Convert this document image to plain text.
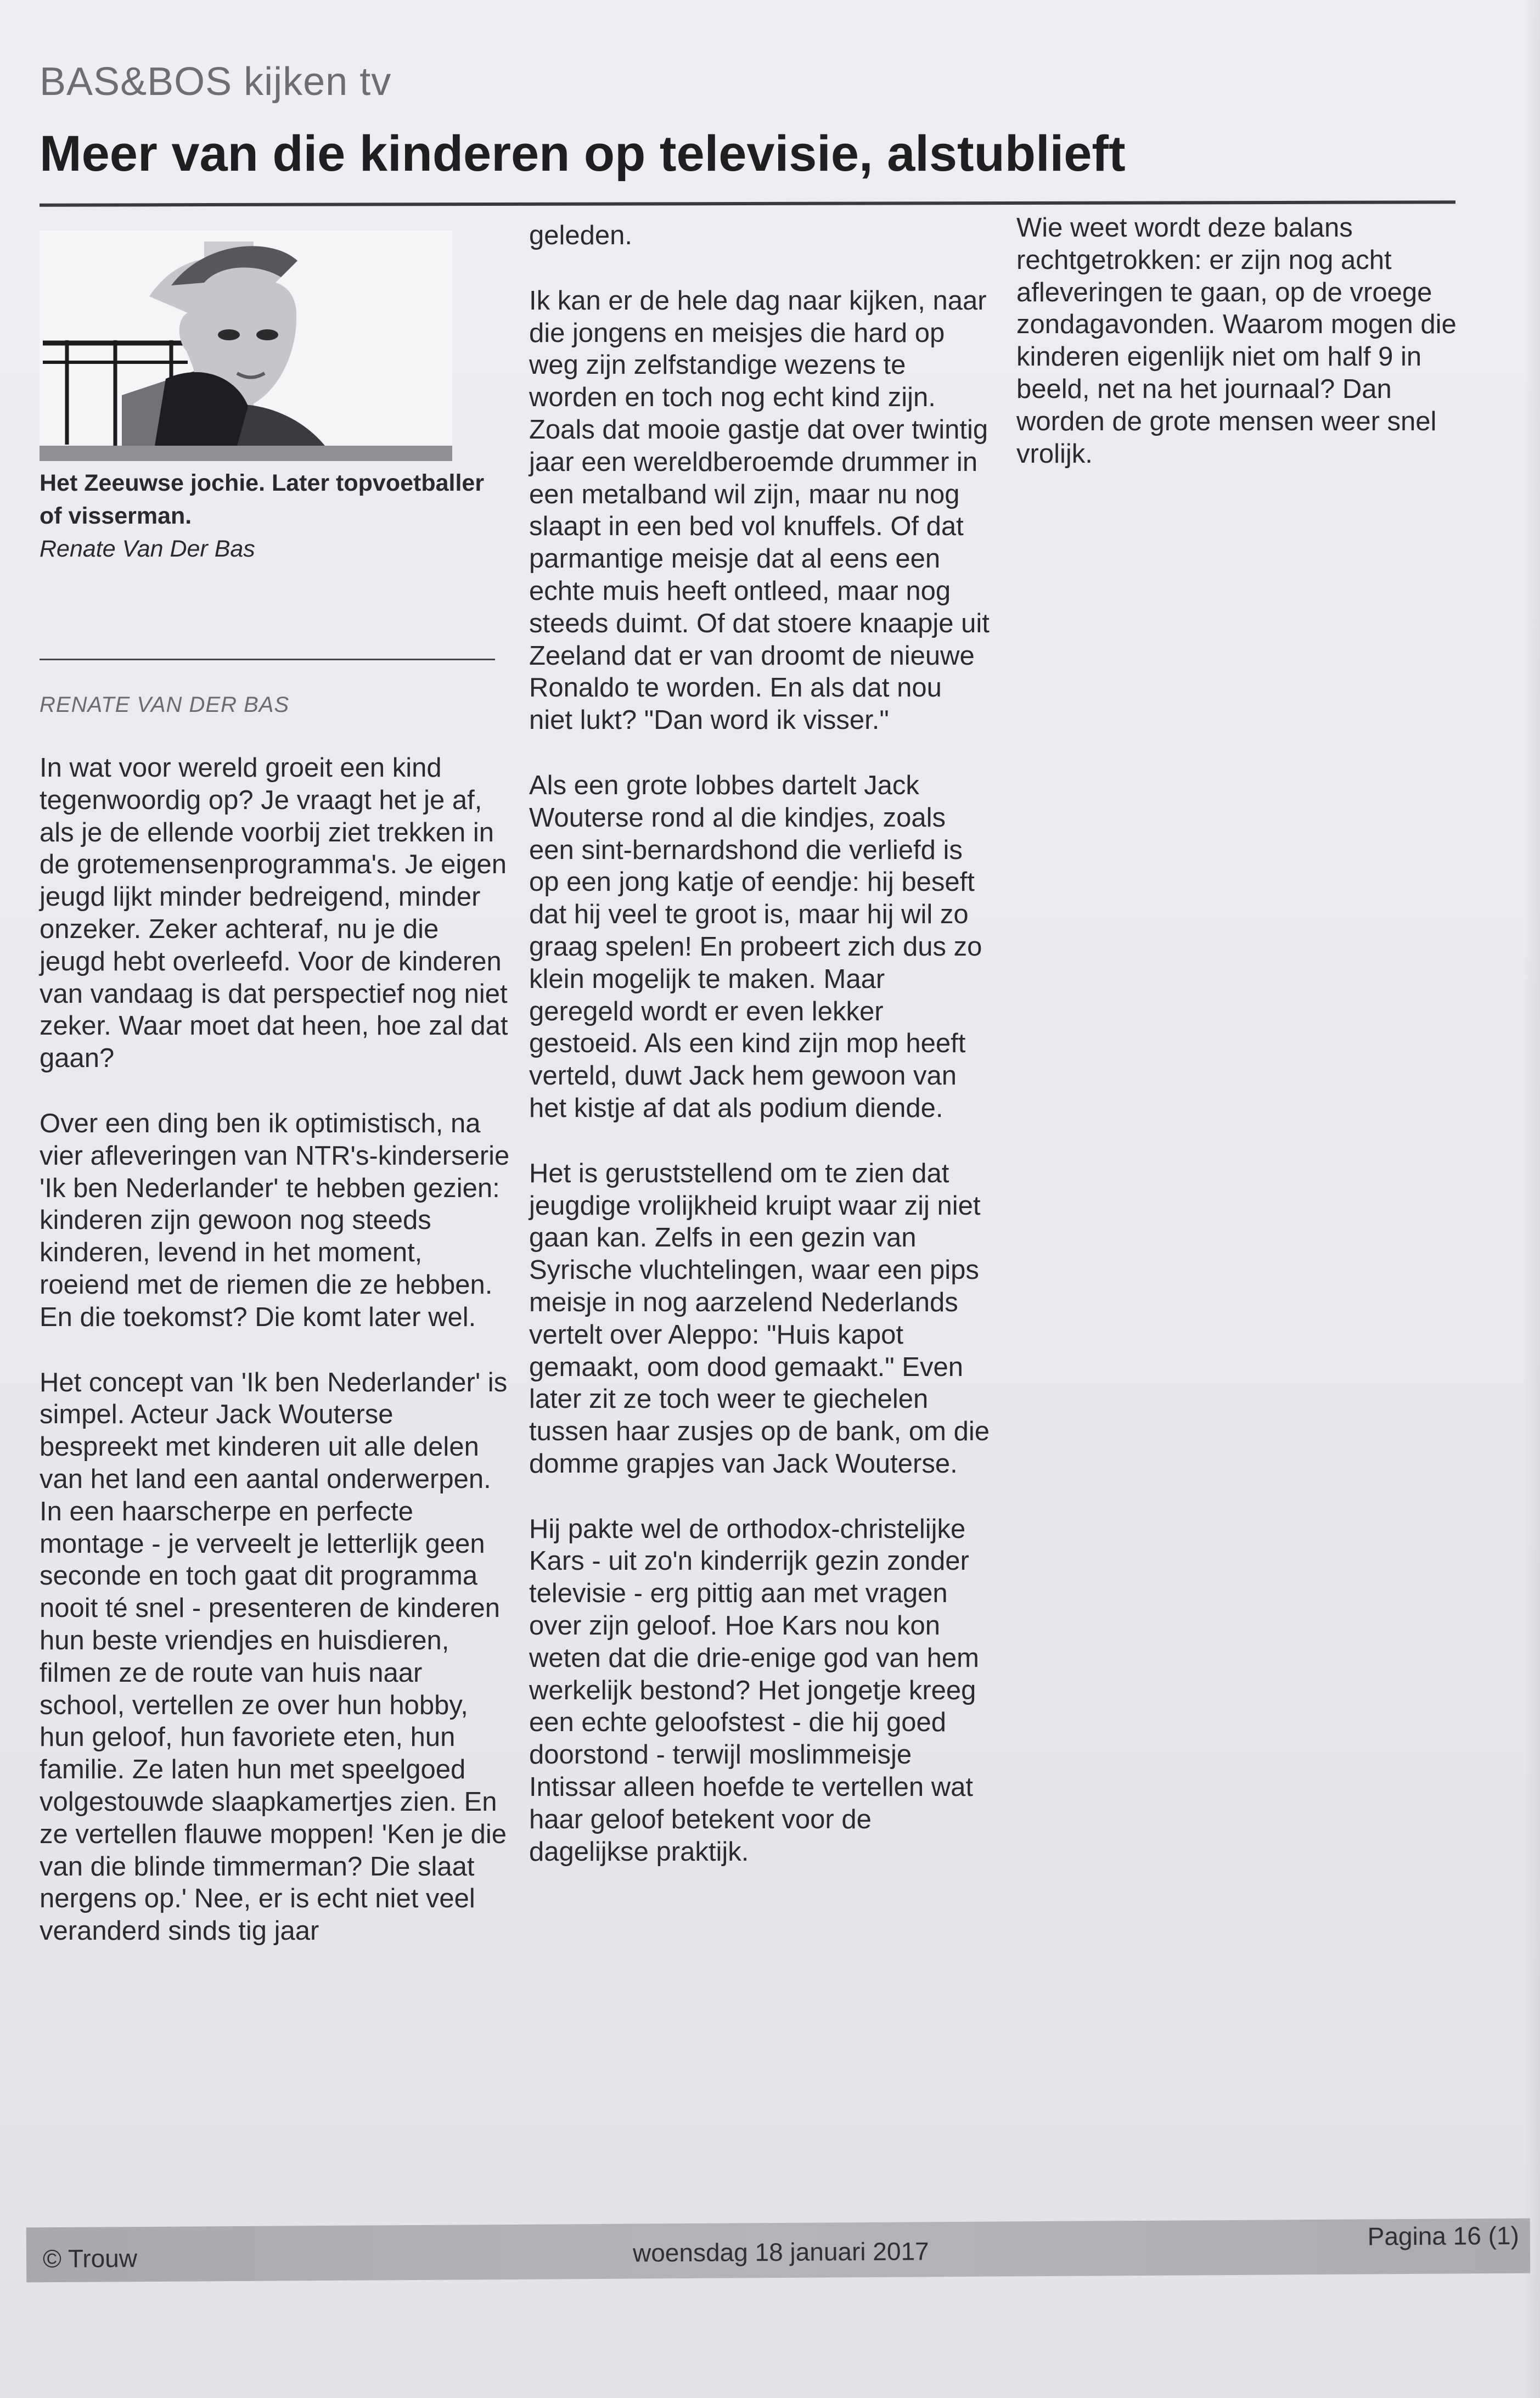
BAS&BOS kijken tv
Meer van die kinderen op televisie, alstublieft
Het Zeeuwse jochie. Later topvoetballer of visserman.
Renate Van Der Bas
RENATE VAN DER BAS

In wat voor wereld groeit een kind tegenwoordig op? Je vraagt het je af, als je de ellende voorbij ziet trekken in de grotemensenprogramma's. Je eigen jeugd lijkt minder bedreigend, minder onzeker. Zeker achteraf, nu je die jeugd hebt overleefd. Voor de kinderen van vandaag is dat perspectief nog niet zeker. Waar moet dat heen, hoe zal dat gaan?

Over een ding ben ik optimistisch, na vier afleveringen van NTR's-kinderserie 'Ik ben Nederlander' te hebben gezien: kinderen zijn gewoon nog steeds kinderen, levend in het moment, roeiend met de riemen die ze hebben. En die toekomst? Die komt later wel.

Het concept van 'Ik ben Nederlander' is simpel. Acteur Jack Wouterse bespreekt met kinderen uit alle delen van het land een aantal onderwerpen. In een haarscherpe en perfecte montage - je verveelt je letterlijk geen seconde en toch gaat dit programma nooit té snel - presenteren de kinderen hun beste vriendjes en huisdieren, filmen ze de route van huis naar school, vertellen ze over hun hobby, hun geloof, hun favoriete eten, hun familie. Ze laten hun met speelgoed volgestouwde slaapkamertjes zien. En ze vertellen flauwe moppen! 'Ken je die van die blinde timmerman? Die slaat nergens op.' Nee, er is echt niet veel veranderd sinds tig jaar

geleden.

Ik kan er de hele dag naar kijken, naar die jongens en meisjes die hard op weg zijn zelfstandige wezens te worden en toch nog echt kind zijn. Zoals dat mooie gastje dat over twintig jaar een wereldberoemde drummer in een metalband wil zijn, maar nu nog slaapt in een bed vol knuffels. Of dat parmantige meisje dat al eens een echte muis heeft ontleed, maar nog steeds duimt. Of dat stoere knaapje uit Zeeland dat er van droomt de nieuwe Ronaldo te worden. En als dat nou niet lukt? "Dan word ik visser."

Als een grote lobbes dartelt Jack Wouterse rond al die kindjes, zoals een sint-bernardshond die verliefd is op een jong katje of eendje: hij beseft dat hij veel te groot is, maar hij wil zo graag spelen! En probeert zich dus zo klein mogelijk te maken. Maar geregeld wordt er even lekker gestoeid. Als een kind zijn mop heeft verteld, duwt Jack hem gewoon van het kistje af dat als podium diende.

Het is geruststellend om te zien dat jeugdige vrolijkheid kruipt waar zij niet gaan kan. Zelfs in een gezin van Syrische vluchtelingen, waar een pips meisje in nog aarzelend Nederlands vertelt over Aleppo: "Huis kapot gemaakt, oom dood gemaakt." Even later zit ze toch weer te giechelen tussen haar zusjes op de bank, om die domme grapjes van Jack Wouterse.

Hij pakte wel de orthodox-christelijke Kars - uit zo'n kinderrijk gezin zonder televisie - erg pittig aan met vragen over zijn geloof. Hoe Kars nou kon weten dat die drie-enige god van hem werkelijk bestond? Het jongetje kreeg een echte geloofstest - die hij goed doorstond - terwijl moslimmeisje Intissar alleen hoefde te vertellen wat haar geloof betekent voor de dagelijkse praktijk.

Wie weet wordt deze balans rechtgetrokken: er zijn nog acht afleveringen te gaan, op de vroege zondagavonden. Waarom mogen die kinderen eigenlijk niet om half 9 in beeld, net na het journaal? Dan worden de grote mensen weer snel vrolijk.

© Trouw	woensdag 18 januari 2017
Pagina 16 (1)
